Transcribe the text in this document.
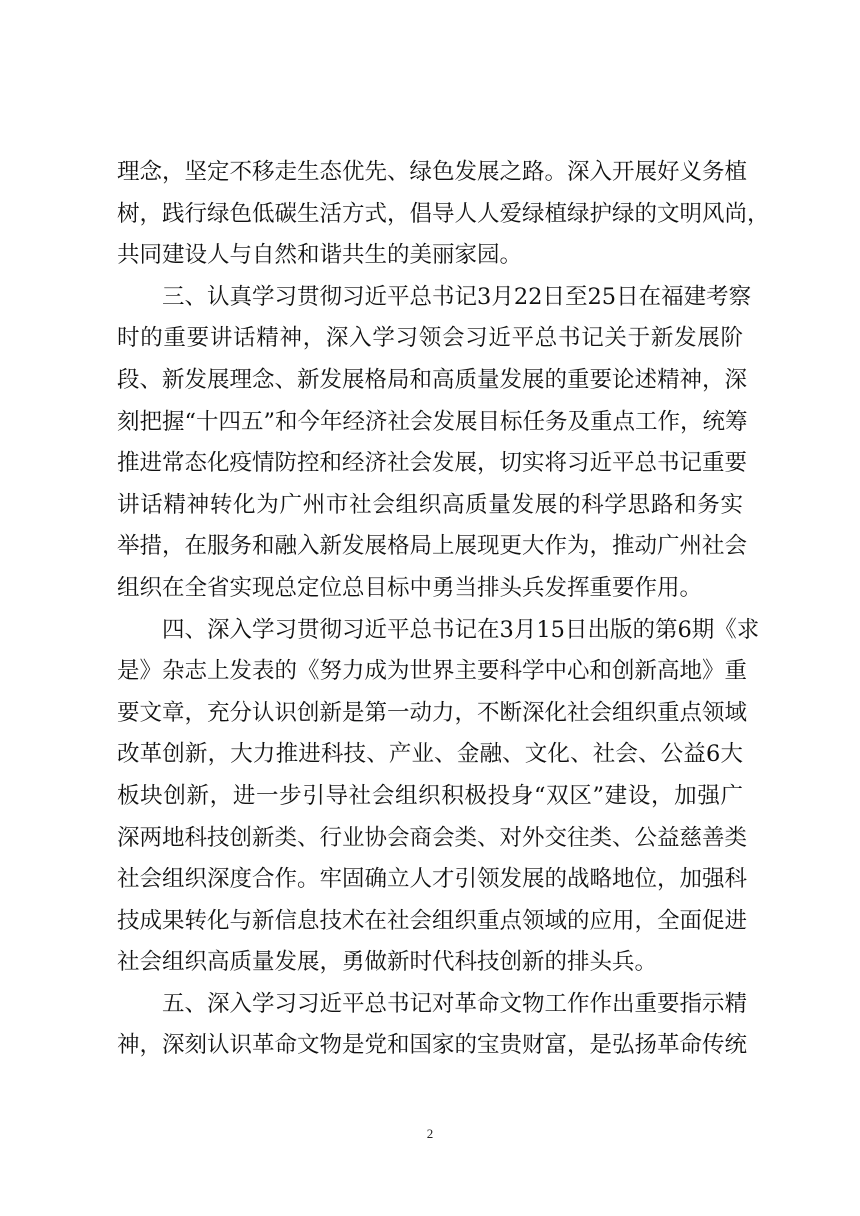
理念，坚定不移走生态优先、绿色发展之路。深入开展好义务植
树，践行绿色低碳生活方式，倡导人人爱绿植绿护绿的文明风尚，
共同建设人与自然和谐共生的美丽家园。
三、认真学习贯彻习近平总书记3月22日至25日在福建考察
时的重要讲话精神，深入学习领会习近平总书记关于新发展阶
段、新发展理念、新发展格局和高质量发展的重要论述精神，深
刻把握“十四五”和今年经济社会发展目标任务及重点工作，统筹
推进常态化疫情防控和经济社会发展，切实将习近平总书记重要
讲话精神转化为广州市社会组织高质量发展的科学思路和务实
举措，在服务和融入新发展格局上展现更大作为，推动广州社会
组织在全省实现总定位总目标中勇当排头兵发挥重要作用。
四、深入学习贯彻习近平总书记在3月15日出版的第6期《求
是》杂志上发表的《努力成为世界主要科学中心和创新高地》重
要文章，充分认识创新是第一动力，不断深化社会组织重点领域
改革创新，大力推进科技、产业、金融、文化、社会、公益6大
板块创新，进一步引导社会组织积极投身“双区”建设，加强广
深两地科技创新类、行业协会商会类、对外交往类、公益慈善类
社会组织深度合作。牢固确立人才引领发展的战略地位，加强科
技成果转化与新信息技术在社会组织重点领域的应用，全面促进
社会组织高质量发展，勇做新时代科技创新的排头兵。
五、深入学习习近平总书记对革命文物工作作出重要指示精
神，深刻认识革命文物是党和国家的宝贵财富，是弘扬革命传统
2
